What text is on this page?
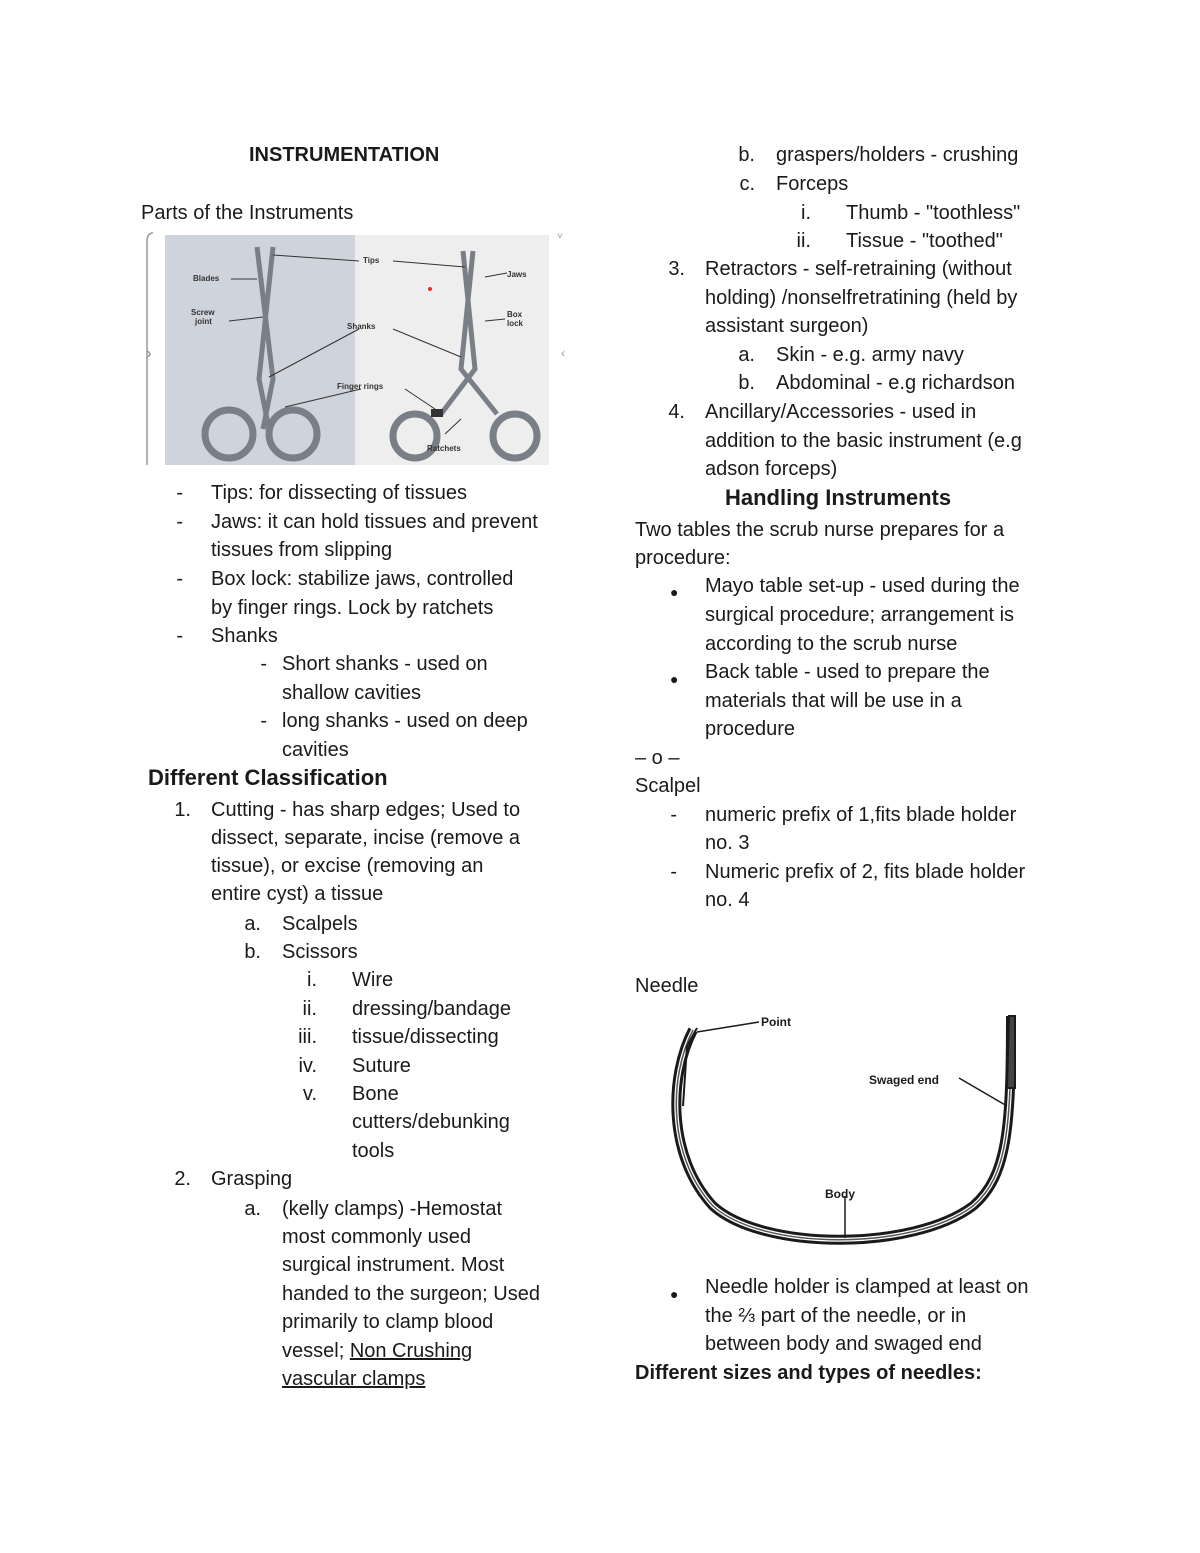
INSTRUMENTATION
Parts of the Instruments
Blades
Screw
joint
Tips
Shanks
Finger rings
Jaws
Box
lock
Ratchets
˅
‹
- Tips: for dissecting of tissues
- Jaws: it can hold tissues and prevent
tissues from slipping
- Box lock: stabilize jaws, controlled
by finger rings. Lock by ratchets
- Shanks
- Short shanks - used on
shallow cavities
- long shanks - used on deep
cavities
Different Classification
1. Cutting - has sharp edges; Used to
dissect, separate, incise (remove a
tissue), or excise (removing an
entire cyst) a tissue
a. Scalpels
b. Scissors
i. Wire
ii. dressing/bandage
iii. tissue/dissecting
iv. Suture
v. Bone
cutters/debunking
tools
2. Grasping
a. (kelly clamps) -Hemostat
most commonly used
surgical instrument. Most
handed to the surgeon; Used
primarily to clamp blood
vessel; Non Crushing
vascular clamps
b. graspers/holders - crushing
c. Forceps
i. Thumb - "toothless"
ii. Tissue - "toothed"
3. Retractors - self-retraining (without
holding) /nonselfretratining (held by
assistant surgeon)
a. Skin - e.g. army navy
b. Abdominal - e.g richardson
4. Ancillary/Accessories - used in
addition to the basic instrument (e.g
adson forceps)
Handling Instruments
Two tables the scrub nurse prepares for a
procedure:
● Mayo table set-up - used during the
surgical procedure; arrangement is
according to the scrub nurse
● Back table - used to prepare the
materials that will be use in a
procedure
– o –
Scalpel
- numeric prefix of 1,fits blade holder
no. 3
- Numeric prefix of 2, fits blade holder
no. 4
Needle
Point
Swaged end
Body
● Needle holder is clamped at least on
the ⅔ part of the needle, or in
between body and swaged end
Different sizes and types of needles:
